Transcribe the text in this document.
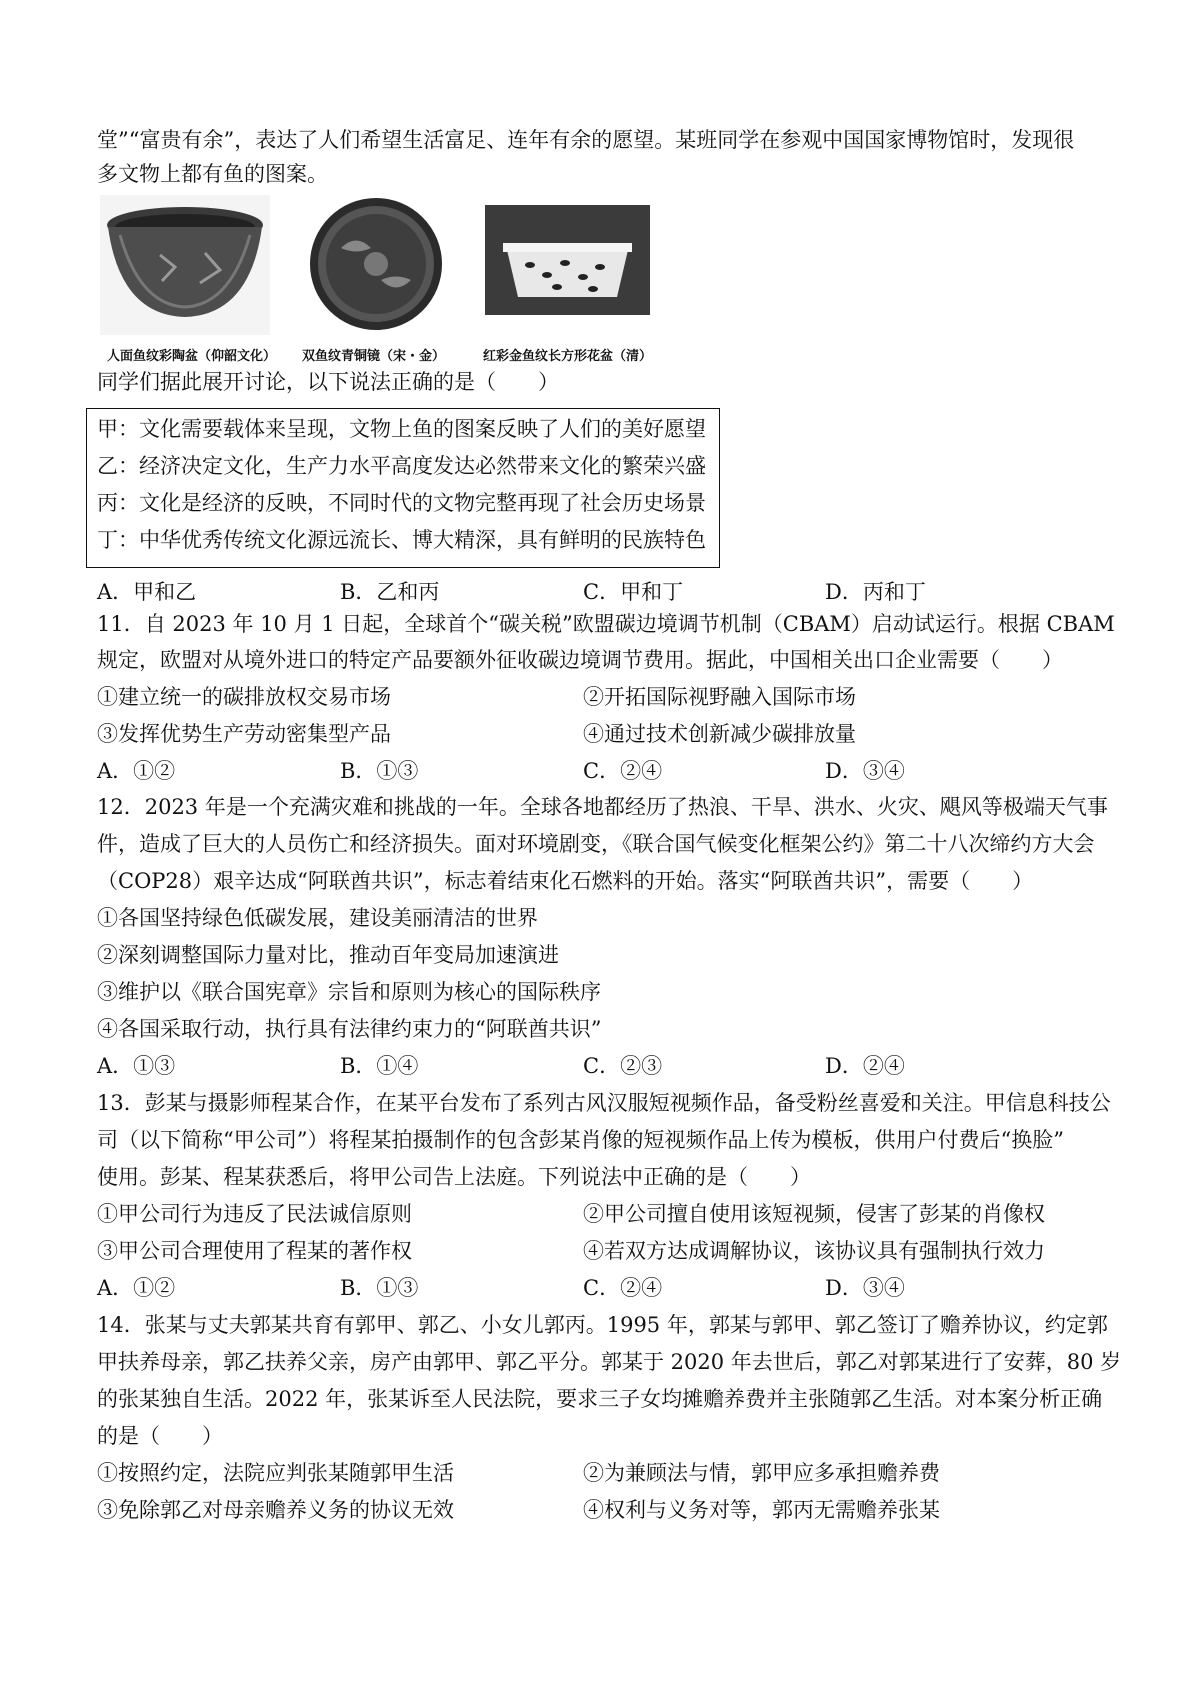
堂”“富贵有余”，表达了人们希望生活富足、连年有余的愿望。某班同学在参观中国国家博物馆时，发现很
多文物上都有鱼的图案。
人面鱼纹彩陶盆（仰韶文化） 双鱼纹青铜镜（宋・金）	红彩金鱼纹长方形花盆（清）
同学们据此展开讨论，以下说法正确的是（　　）
甲：文化需要载体来呈现，文物上鱼的图案反映了人们的美好愿望
乙：经济决定文化，生产力水平高度发达必然带来文化的繁荣兴盛
丙：文化是经济的反映，不同时代的文物完整再现了社会历史场景
丁：中华优秀传统文化源远流长、博大精深，具有鲜明的民族特色
A．甲和乙	B．乙和丙	C．甲和丁	D．丙和丁
11．自 2023 年 10 月 1 日起，全球首个“碳关税”欧盟碳边境调节机制（CBAM）启动试运行。根据 CBAM
规定，欧盟对从境外进口的特定产品要额外征收碳边境调节费用。据此，中国相关出口企业需要（　　）
①建立统一的碳排放权交易市场	②开拓国际视野融入国际市场
③发挥优势生产劳动密集型产品	④通过技术创新减少碳排放量
A．①②	B．①③	C．②④	D．③④
12．2023 年是一个充满灾难和挑战的一年。全球各地都经历了热浪、干旱、洪水、火灾、飓风等极端天气事
件，造成了巨大的人员伤亡和经济损失。面对环境剧变，《联合国气候变化框架公约》第二十八次缔约方大会
（COP28）艰辛达成“阿联酋共识”，标志着结束化石燃料的开始。落实“阿联酋共识”，需要（　　）
①各国坚持绿色低碳发展，建设美丽清洁的世界
②深刻调整国际力量对比，推动百年变局加速演进
③维护以《联合国宪章》宗旨和原则为核心的国际秩序
④各国采取行动，执行具有法律约束力的“阿联酋共识”
A．①③	B．①④	C．②③	D．②④
13．彭某与摄影师程某合作，在某平台发布了系列古风汉服短视频作品，备受粉丝喜爱和关注。甲信息科技公
司（以下简称“甲公司”）将程某拍摄制作的包含彭某肖像的短视频作品上传为模板，供用户付费后“换脸”
使用。彭某、程某获悉后，将甲公司告上法庭。下列说法中正确的是（　　）
①甲公司行为违反了民法诚信原则	②甲公司擅自使用该短视频，侵害了彭某的肖像权
③甲公司合理使用了程某的著作权	④若双方达成调解协议，该协议具有强制执行效力
A．①②	B．①③	C．②④	D．③④
14．张某与丈夫郭某共育有郭甲、郭乙、小女儿郭丙。1995 年，郭某与郭甲、郭乙签订了赡养协议，约定郭
甲扶养母亲，郭乙扶养父亲，房产由郭甲、郭乙平分。郭某于 2020 年去世后，郭乙对郭某进行了安葬，80 岁
的张某独自生活。2022 年，张某诉至人民法院，要求三子女均摊赡养费并主张随郭乙生活。对本案分析正确
的是（　　）
①按照约定，法院应判张某随郭甲生活	②为兼顾法与情，郭甲应多承担赡养费
③免除郭乙对母亲赡养义务的协议无效	④权利与义务对等，郭丙无需赡养张某
